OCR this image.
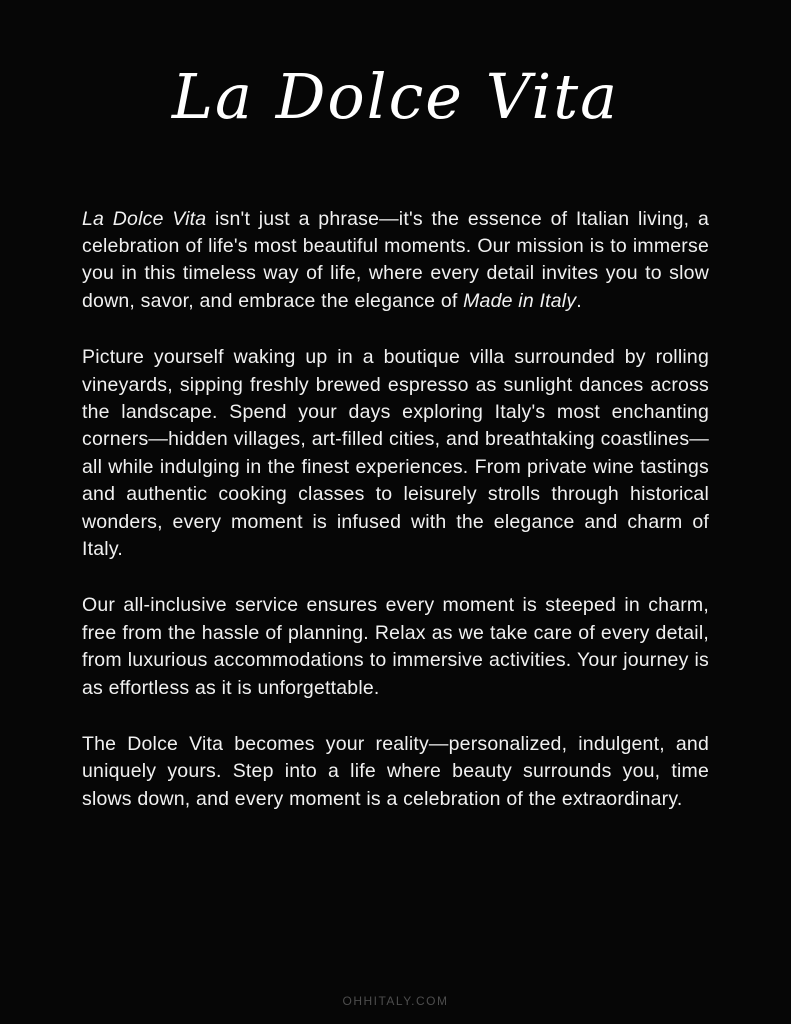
La Dolce Vita

La Dolce Vita isn't just a phrase—it's the essence of Italian living, a celebration of life's most beautiful moments. Our mission is to immerse you in this timeless way of life, where every detail invites you to slow down, savor, and embrace the elegance of Made in Italy.

Picture yourself waking up in a boutique villa surrounded by rolling vineyards, sipping freshly brewed espresso as sunlight dances across the landscape. Spend your days exploring Italy's most enchanting corners—hidden villages, art-filled cities, and breathtaking coastlines—all while indulging in the finest experiences. From private wine tastings and authentic cooking classes to leisurely strolls through historical wonders, every moment is infused with the elegance and charm of Italy.

Our all-inclusive service ensures every moment is steeped in charm, free from the hassle of planning. Relax as we take care of every detail, from luxurious accommodations to immersive activities. Your journey is as effortless as it is unforgettable.

The Dolce Vita becomes your reality—personalized, indulgent, and uniquely yours. Step into a life where beauty surrounds you, time slows down, and every moment is a celebration of the extraordinary.

OHHITALY.COM
